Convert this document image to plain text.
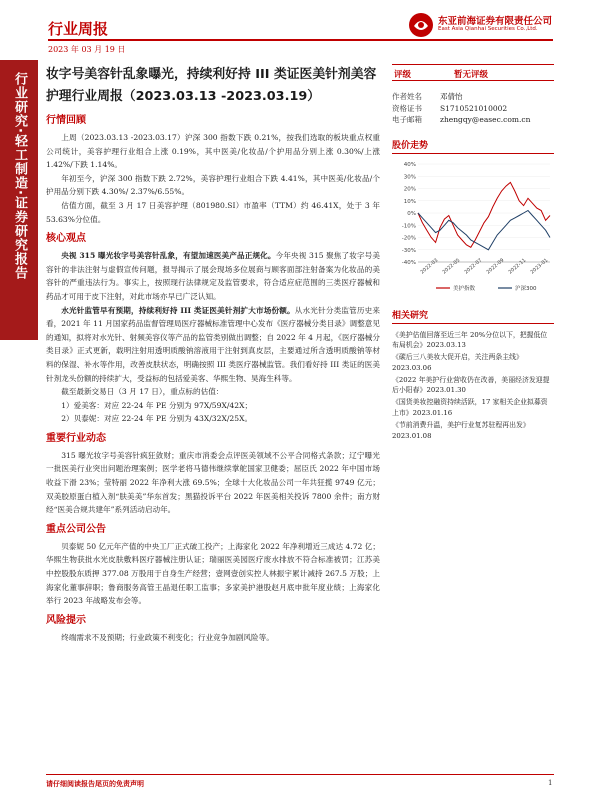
行业周报
2023 年 03 月 19 日
东亚前海证券有限责任公司
East Asia Qianhai Securities Co.,Ltd.
行业研究·轻工制造·证券研究报告	妆字号美容针乱象曝光，持续利好持 III 类证医美针剂美容护理行业周报（2023.03.13 -2023.03.19）
行情回顾
上周（2023.03.13 -2023.03.17）沪深 300 指数下跌 0.21%，按我们选取的板块重点权重公司统计，美容护理行业组合上涨 0.19%，其中医美/化妆品/个护用品分别上涨 0.30%/上涨 1.42%/下跌 1.14%。
年初至今，沪深 300 指数下跌 2.72%，美容护理行业组合下跌 4.41%，其中医美/化妆品/个护用品分别下跌 4.30%/ 2.37%/6.55%。
估值方面，截至 3 月 17 日美容护理（801980.SI）市盈率（TTM）约 46.41X，处于 3 年 53.63%分位值。
核心观点
央视 315 曝光妆字号美容针乱象，有望加速医美产品正规化。今年央视 315 聚焦了妆字号美容针的非法注射与虚假宣传问题，报导揭示了展会现场多位展商与顾客面部注射备案为化妆品的美容针的严重违法行为。事实上，按照现行法律规定及监管要求，符合适应症范围的三类医疗器械和药品才可用于皮下注射，对此市场亦早已广泛认知。
水光针监管早有预期，持续利好持 III 类证医美针剂扩大市场份额。从水光针分类监管历史来看，2021 年 11 月国家药品监督管理局医疗器械标准管理中心发布《医疗器械分类目录》调整意见的通知，拟将对水光针、射频美容仪等产品的监管类别做出调整；自 2022 年 4 月起，《医疗器械分类目录》正式更新，载明注射用透明质酸钠溶液用于注射到真皮层，主要通过所含透明质酸钠等材料的保湿、补水等作用，改善皮肤状态，明确按照 III 类医疗器械监管。我们看好持 III 类证的医美针剂龙头份额的持续扩大，受益标的包括爱美客、华熙生物、昊海生科等。
截至最新交易日（3 月 17 日），重点标的估值：
1）爱美客：对应 22-24 年 PE 分别为 97X/59X/42X；
2）贝泰妮：对应 22-24 年 PE 分别为 43X/32X/25X。
重要行业动态
315 曝光妆字号美容针疯狂敛财；重庆市消委会点评医美领域不公平合同格式条款；辽宁曝光一批医美行业突出问题治理案例；医学老将马德伟继续掌舵国家卫健委；屈臣氏 2022 年中国市场收益下滑 23%；莹特丽 2022 年净利大涨 69.5%；全球十大化妆品公司一年共狂揽 9749 亿元；双美胶原蛋白植入剂“肤美美”华东首发；黑猫投诉平台 2022 年医美相关投诉 7800 余件；南方财经“医美合规共建年”系列活动启动年。
重点公司公告
贝泰妮 50 亿元年产值的中央工厂正式破工投产；上海家化 2022 年净利增近三成达 4.72 亿；华熙生物获批水光皮肤敷料医疗器械注册认证；瑞丽医美园医疗废水排放不符合标准被罚；江苏美中控股股东质押 377.08 万股用于自身生产经营；壹网壹创实控人林振宇累计减持 267.5 万股；上海家化董事辞职；鲁商服务高管王晶退任职工监事；多家美护港股赵月底申批年度业绩；上海家化举行 2023 年战略发布会等。
风险提示
终端需求不及预期；行业政策不利变化；行业竞争加剧风险等。
评级	暂无评级
作者姓名	邓倩怡
资格证书	S1710521010002
电子邮箱	zhengqy@easec.com.cn
股价走势
40%
30%
20%
10%
0%
-10%
-20%
-30%
-40% 2022-03 2022-05 2022-07 2022-09 2022-11 2023-01
美护指数	沪深300
相关研究
《美护估值回落至近三年 20%分位以下，把握低位布局机会》2023.03.13
《碳后三八美妆大促开启，关注两条主线》2023.03.06
《2022 年美护行业营收仍在改善，美丽经济发迎提后小阳春》2023.01.30
《国货美妆控融资持续活跃，17 家相关企业拟募资上市》2023.01.16
《节前消费升温，美护行业复苏驻程再出发》2023.01.08
请仔细阅读报告尾页的免责声明	1
